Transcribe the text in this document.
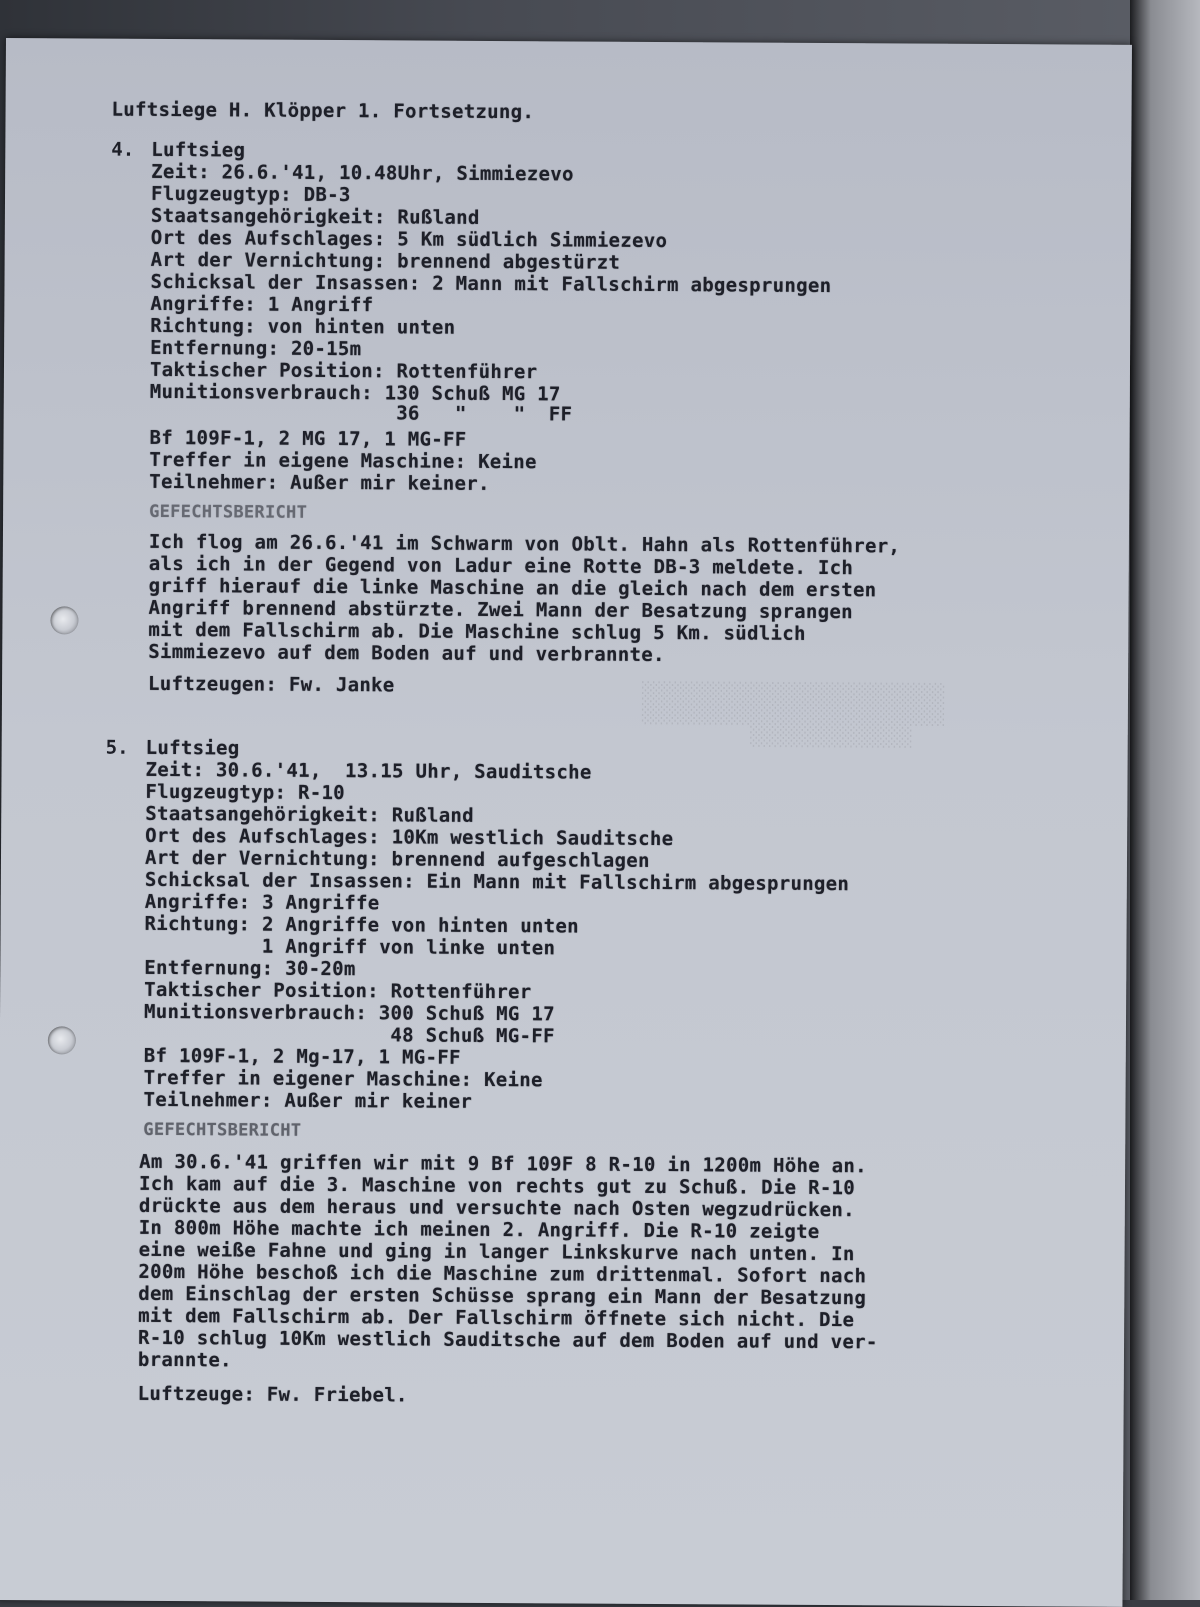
░░░░░░░░░░░░░░░░░░░░░░░░░░░░
░░░░░░░░░░░░░░░░░░░░░░░░░░░░
░░░░░░░░░░░░░░░
Luftsiege H. Klöpper 1. Fortsetzung.
4. Luftsieg
Zeit: 26.6.'41, 10.48Uhr, Simmiezevo
Flugzeugtyp: DB-3
Staatsangehörigkeit: Rußland
Ort des Aufschlages: 5 Km südlich Simmiezevo
Art der Vernichtung: brennend abgestürzt
Schicksal der Insassen: 2 Mann mit Fallschirm abgesprungen
Angriffe: 1 Angriff
Richtung: von hinten unten
Entfernung: 20-15m
Taktischer Position: Rottenführer
Munitionsverbrauch: 130 Schuß MG 17
36   "    "  FF
Bf 109F-1, 2 MG 17, 1 MG-FF
Treffer in eigene Maschine: Keine
Teilnehmer: Außer mir keiner.
GEFECHTSBERICHT
Ich flog am 26.6.'41 im Schwarm von Oblt. Hahn als Rottenführer,
als ich in der Gegend von Ladur eine Rotte DB-3 meldete. Ich
griff hierauf die linke Maschine an die gleich nach dem ersten
Angriff brennend abstürzte. Zwei Mann der Besatzung sprangen
mit dem Fallschirm ab. Die Maschine schlug 5 Km. südlich
Simmiezevo auf dem Boden auf und verbrannte.
Luftzeugen: Fw. Janke
5. Luftsieg
Zeit: 30.6.'41,  13.15 Uhr, Sauditsche
Flugzeugtyp: R-10
Staatsangehörigkeit: Rußland
Ort des Aufschlages: 10Km westlich Sauditsche
Art der Vernichtung: brennend aufgeschlagen
Schicksal der Insassen: Ein Mann mit Fallschirm abgesprungen
Angriffe: 3 Angriffe
Richtung: 2 Angriffe von hinten unten
1 Angriff von linke unten
Entfernung: 30-20m
Taktischer Position: Rottenführer
Munitionsverbrauch: 300 Schuß MG 17
48 Schuß MG-FF
Bf 109F-1, 2 Mg-17, 1 MG-FF
Treffer in eigener Maschine: Keine
Teilnehmer: Außer mir keiner
GEFECHTSBERICHT
Am 30.6.'41 griffen wir mit 9 Bf 109F 8 R-10 in 1200m Höhe an.
Ich kam auf die 3. Maschine von rechts gut zu Schuß. Die R-10
drückte aus dem heraus und versuchte nach Osten wegzudrücken.
In 800m Höhe machte ich meinen 2. Angriff. Die R-10 zeigte
eine weiße Fahne und ging in langer Linkskurve nach unten. In
200m Höhe beschoß ich die Maschine zum drittenmal. Sofort nach
dem Einschlag der ersten Schüsse sprang ein Mann der Besatzung
mit dem Fallschirm ab. Der Fallschirm öffnete sich nicht. Die
R-10 schlug 10Km westlich Sauditsche auf dem Boden auf und ver-
brannte.
Luftzeuge: Fw. Friebel.
